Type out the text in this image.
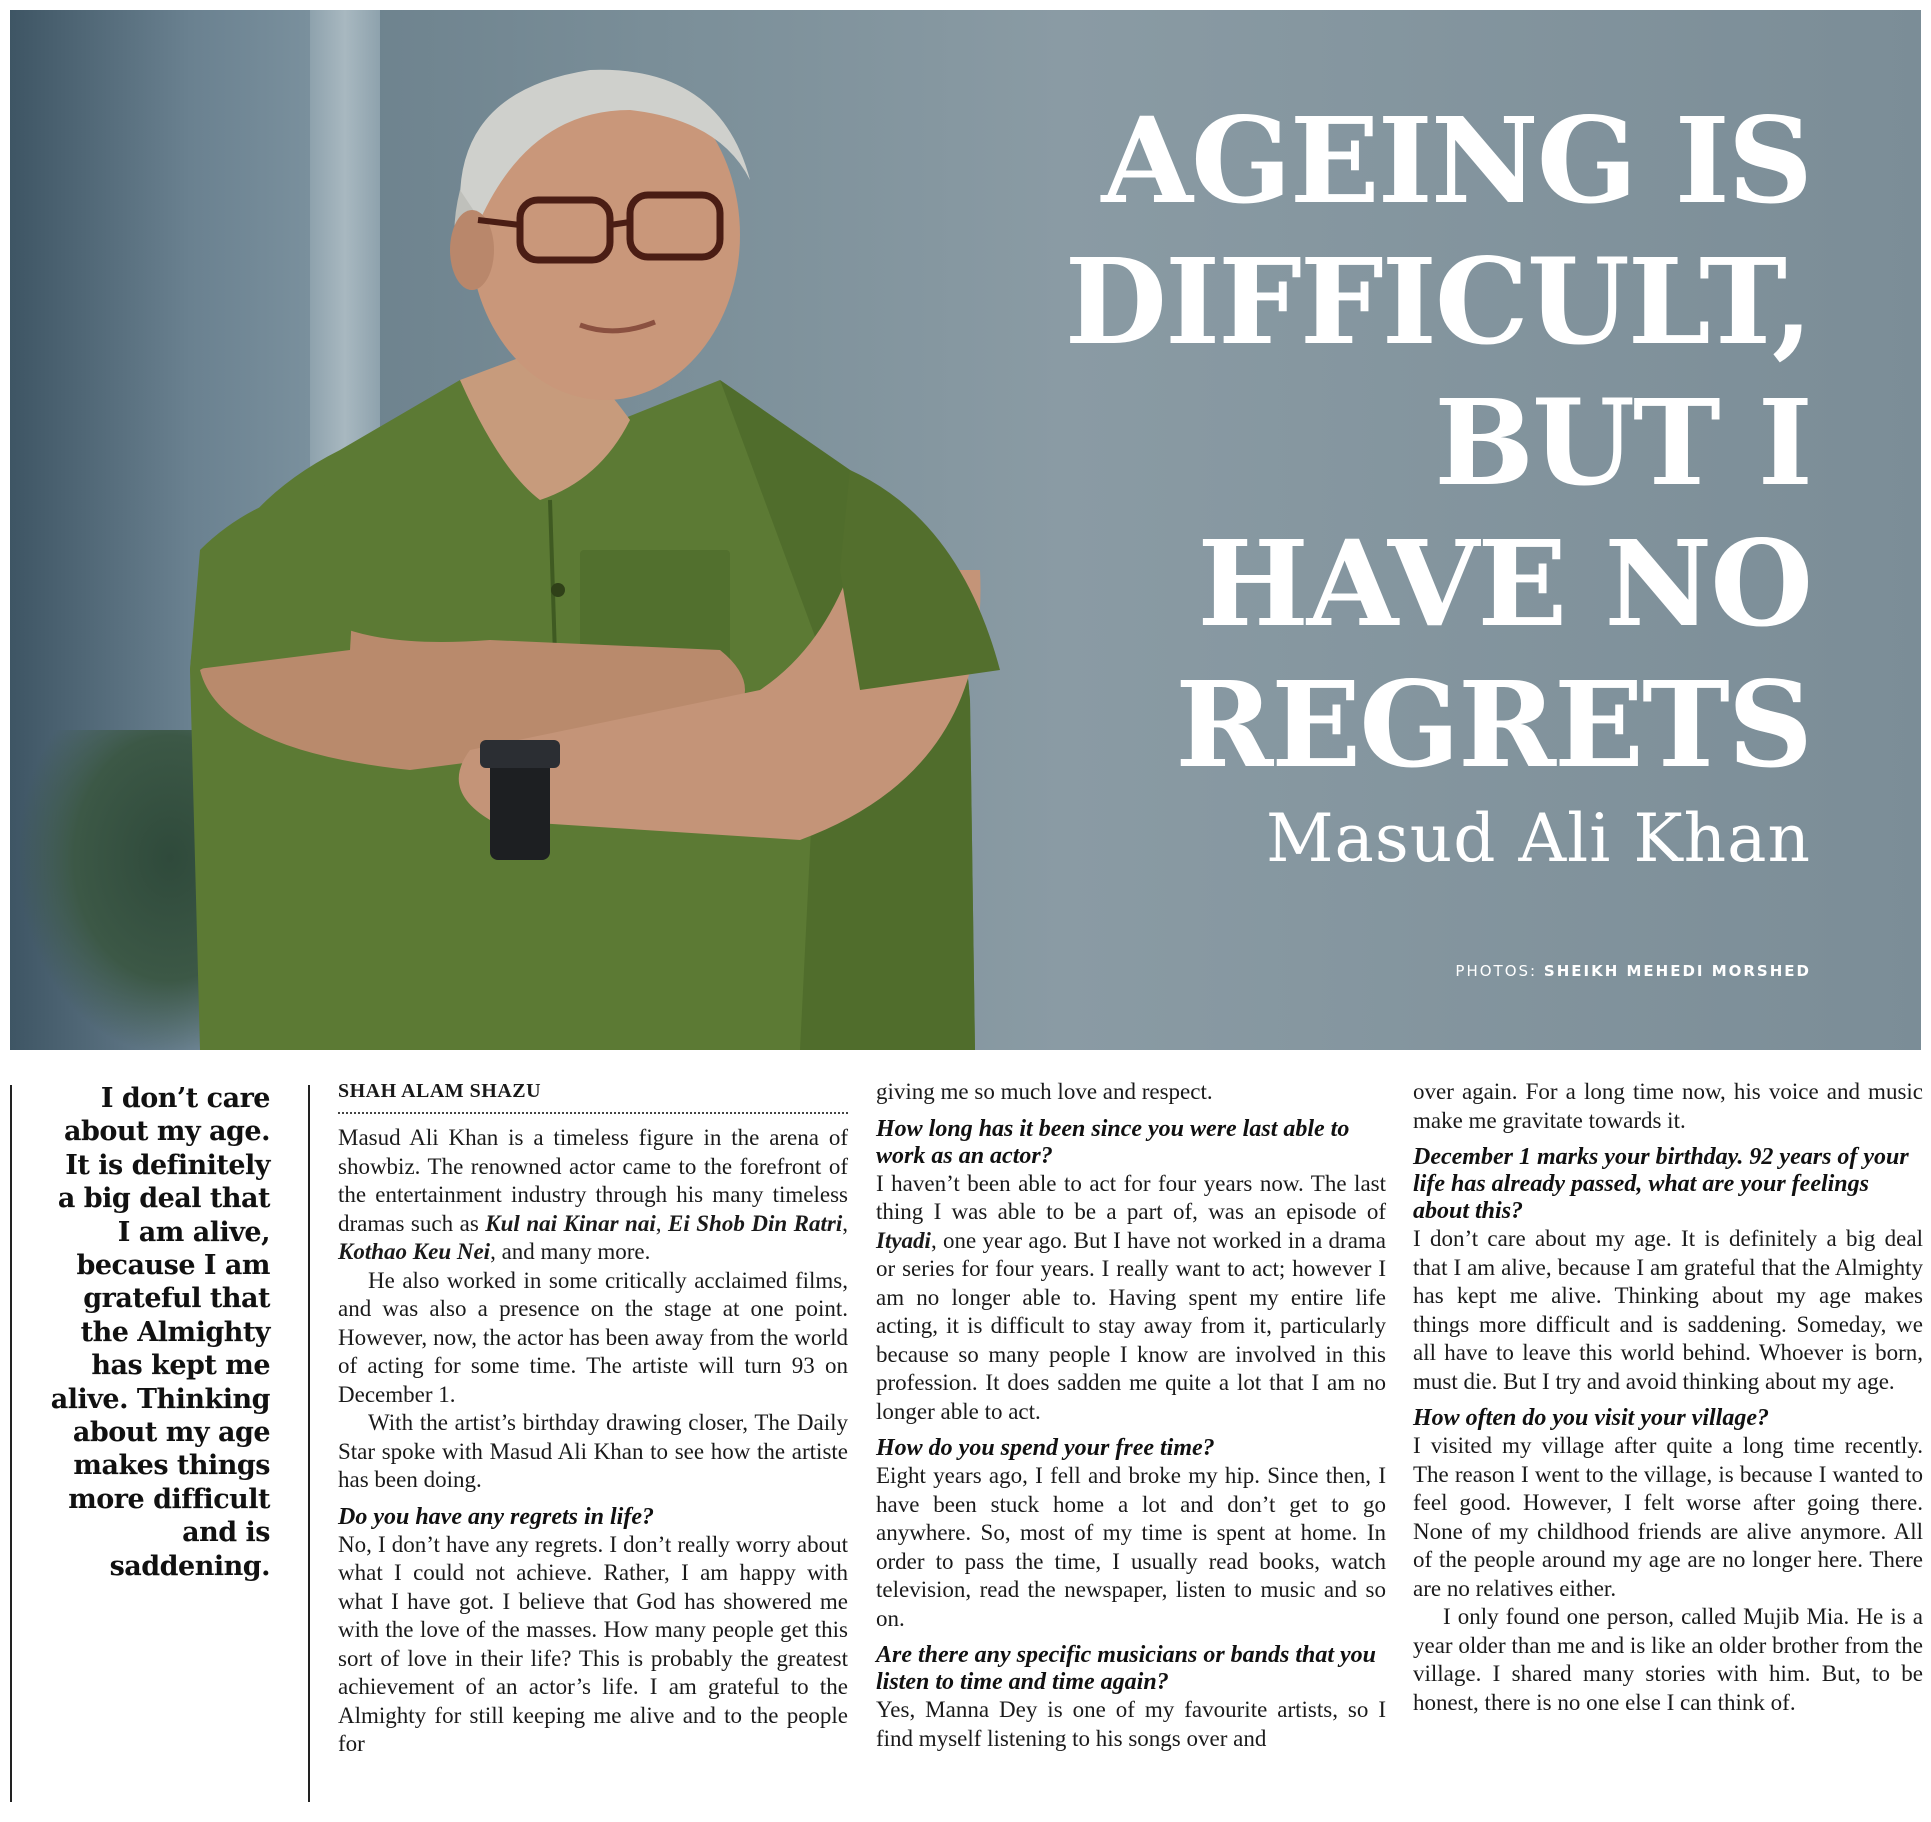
AGEING IS
DIFFICULT,
BUT I
HAVE NO
REGRETS
Masud Ali Khan
PHOTOS: SHEIKH MEHEDI MORSHED
I don’t care about my age. It is definitely a big deal that I am alive, because I am grateful that the Almighty has kept me alive. Thinking about my age makes things more difficult and is saddening.
SHAH ALAM SHAZU

Masud Ali Khan is a timeless figure in the arena of showbiz. The renowned actor came to the forefront of the entertainment industry through his many timeless dramas such as Kul nai Kinar nai, Ei Shob Din Ratri, Kothao Keu Nei, and many more.

He also worked in some critically acclaimed films, and was also a presence on the stage at one point. However, now, the actor has been away from the world of acting for some time. The artiste will turn 93 on December 1.

With the artist’s birthday drawing closer, The Daily Star spoke with Masud Ali Khan to see how the artiste has been doing.

Do you have any regrets in life?

No, I don’t have any regrets. I don’t really worry about what I could not achieve. Rather, I am happy with what I have got. I believe that God has showered me with the love of the masses. How many people get this sort of love in their life? This is probably the greatest achievement of an actor’s life. I am grateful to the Almighty for still keeping me alive and to the people for

giving me so much love and respect.

How long has it been since you were last able to work as an actor?

I haven’t been able to act for four years now. The last thing I was able to be a part of, was an episode of Ityadi, one year ago. But I have not worked in a drama or series for four years. I really want to act; however I am no longer able to. Having spent my entire life acting, it is difficult to stay away from it, particularly because so many people I know are involved in this profession. It does sadden me quite a lot that I am no longer able to act.

How do you spend your free time?

Eight years ago, I fell and broke my hip. Since then, I have been stuck home a lot and don’t get to go anywhere. So, most of my time is spent at home. In order to pass the time, I usually read books, watch television, read the newspaper, listen to music and so on.

Are there any specific musicians or bands that you listen to time and time again?

Yes, Manna Dey is one of my favourite artists, so I find myself listening to his songs over and

over again. For a long time now, his voice and music make me gravitate towards it.

December 1 marks your birthday. 92 years of your life has already passed, what are your feelings about this?

I don’t care about my age. It is definitely a big deal that I am alive, because I am grateful that the Almighty has kept me alive. Thinking about my age makes things more difficult and is saddening. Someday, we all have to leave this world behind. Whoever is born, must die. But I try and avoid thinking about my age.

How often do you visit your village?

I visited my village after quite a long time recently. The reason I went to the village, is because I wanted to feel good. However, I felt worse after going there. None of my childhood friends are alive anymore. All of the people around my age are no longer here. There are no relatives either.

I only found one person, called Mujib Mia. He is a year older than me and is like an older brother from the village. I shared many stories with him. But, to be honest, there is no one else I can think of.
